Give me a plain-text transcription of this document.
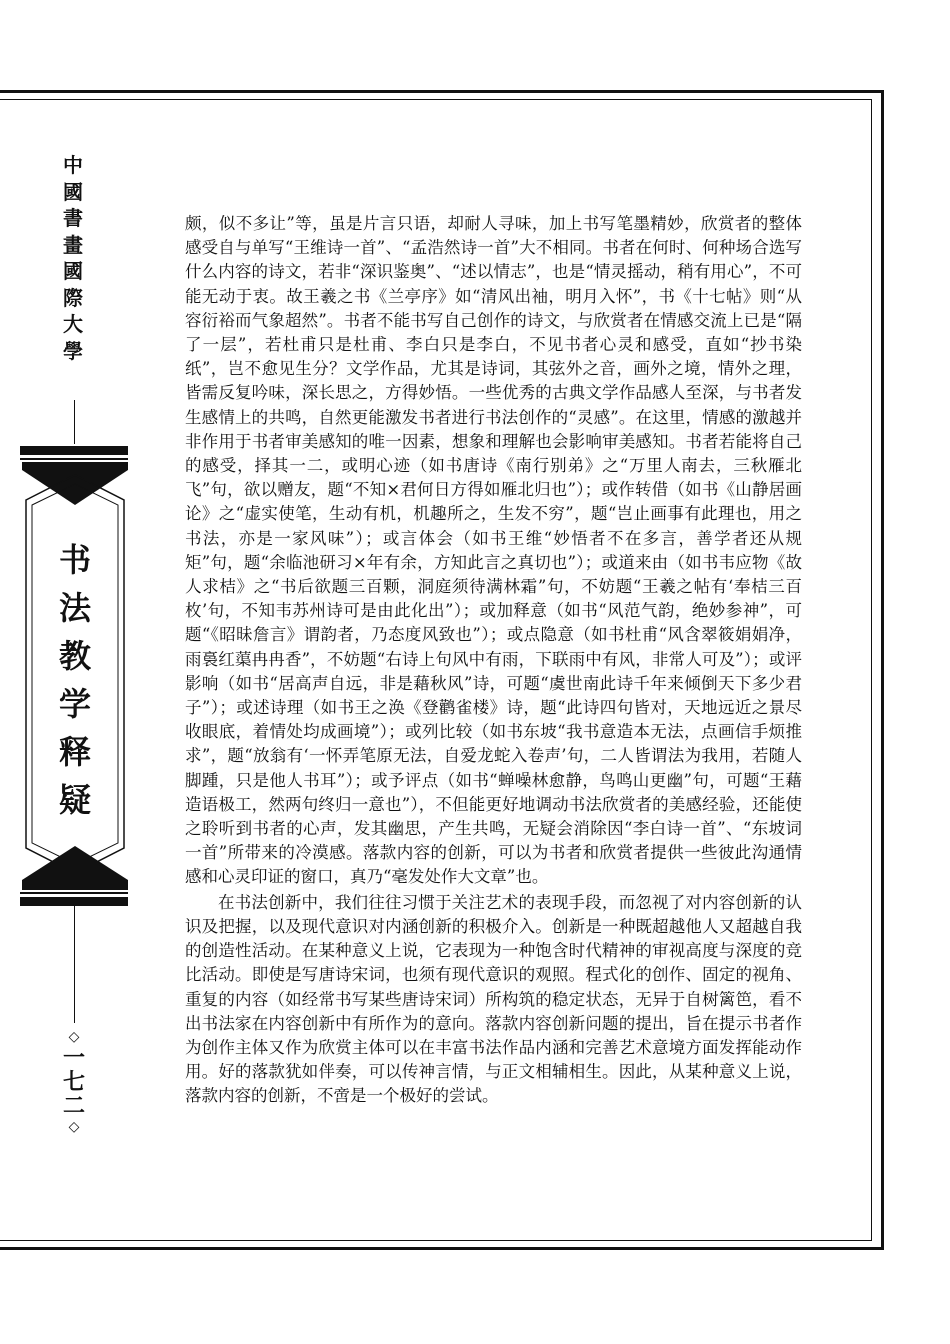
中
國
書
畫
國
際
大
學
书
法
教
学
释
疑
◇
一
七
二
◇

颇，似不多让”等，虽是片言只语，却耐人寻味，加上书写笔墨精妙，欣赏者的整体感受自与单写“王维诗一首”、“孟浩然诗一首”大不相同。书者在何时、何种场合选写什么内容的诗文，若非“深识鉴奥”、“述以情志”，也是“情灵摇动，稍有用心”，不可能无动于衷。故王羲之书《兰亭序》如“清风出袖，明月入怀”，书《十七帖》则“从容衍裕而气象超然”。书者不能书写自己创作的诗文，与欣赏者在情感交流上已是“隔了一层”，若杜甫只是杜甫、李白只是李白，不见书者心灵和感受，直如“抄书染纸”，岂不愈见生分？文学作品，尤其是诗词，其弦外之音，画外之境，情外之理，皆需反复吟味，深长思之，方得妙悟。一些优秀的古典文学作品感人至深，与书者发生感情上的共鸣，自然更能激发书者进行书法创作的“灵感”。在这里，情感的激越并非作用于书者审美感知的唯一因素，想象和理解也会影响审美感知。书者若能将自己的感受，择其一二，或明心迹（如书唐诗《南行别弟》之“万里人南去，三秋雁北飞”句，欲以赠友，题“不知×君何日方得如雁北归也”）；或作转借（如书《山静居画论》之“虚实使笔，生动有机，机趣所之，生发不穷”，题“岂止画事有此理也，用之书法，亦是一家风味”）；或言体会（如书王维“妙悟者不在多言，善学者还从规矩”句，题“余临池研习×年有余，方知此言之真切也”）；或道来由（如书韦应物《故人求桔》之“书后欲题三百颗，洞庭须待满林霜”句，不妨题“王羲之帖有‘奉桔三百枚’句，不知韦苏州诗可是由此化出”）；或加释意（如书“风范气韵，绝妙参神”，可题“《昭昧詹言》谓韵者，乃态度风致也”）；或点隐意（如书杜甫“风含翠筱娟娟净，雨裛红蕖冉冉香”，不妨题“右诗上句风中有雨，下联雨中有风，非常人可及”）；或评影响（如书“居高声自远，非是藉秋风”诗，可题“虞世南此诗千年来倾倒天下多少君子”）；或述诗理（如书王之涣《登鹳雀楼》诗，题“此诗四句皆对，天地远近之景尽收眼底，着情处均成画境”）；或列比较（如书东坡“我书意造本无法，点画信手烦推求”，题“放翁有‘一怀弄笔原无法，自爱龙蛇入卷声’句，二人皆谓法为我用，若随人脚踵，只是他人书耳”）；或予评点（如书“蝉噪林愈静，鸟鸣山更幽”句，可题“王藉造语极工，然两句终归一意也”），不但能更好地调动书法欣赏者的美感经验，还能使之聆听到书者的心声，发其幽思，产生共鸣，无疑会消除因“李白诗一首”、“东坡词一首”所带来的冷漠感。落款内容的创新，可以为书者和欣赏者提供一些彼此沟通情感和心灵印证的窗口，真乃“毫发处作大文章”也。

在书法创新中，我们往往习惯于关注艺术的表现手段，而忽视了对内容创新的认识及把握，以及现代意识对内涵创新的积极介入。创新是一种既超越他人又超越自我的创造性活动。在某种意义上说，它表现为一种饱含时代精神的审视高度与深度的竞比活动。即使是写唐诗宋词，也须有现代意识的观照。程式化的创作、固定的视角、重复的内容（如经常书写某些唐诗宋词）所构筑的稳定状态，无异于自树篱笆，看不出书法家在内容创新中有所作为的意向。落款内容创新问题的提出，旨在提示书者作为创作主体又作为欣赏主体可以在丰富书法作品内涵和完善艺术意境方面发挥能动作用。好的落款犹如伴奏，可以传神言情，与正文相辅相生。因此，从某种意义上说，落款内容的创新，不啻是一个极好的尝试。
